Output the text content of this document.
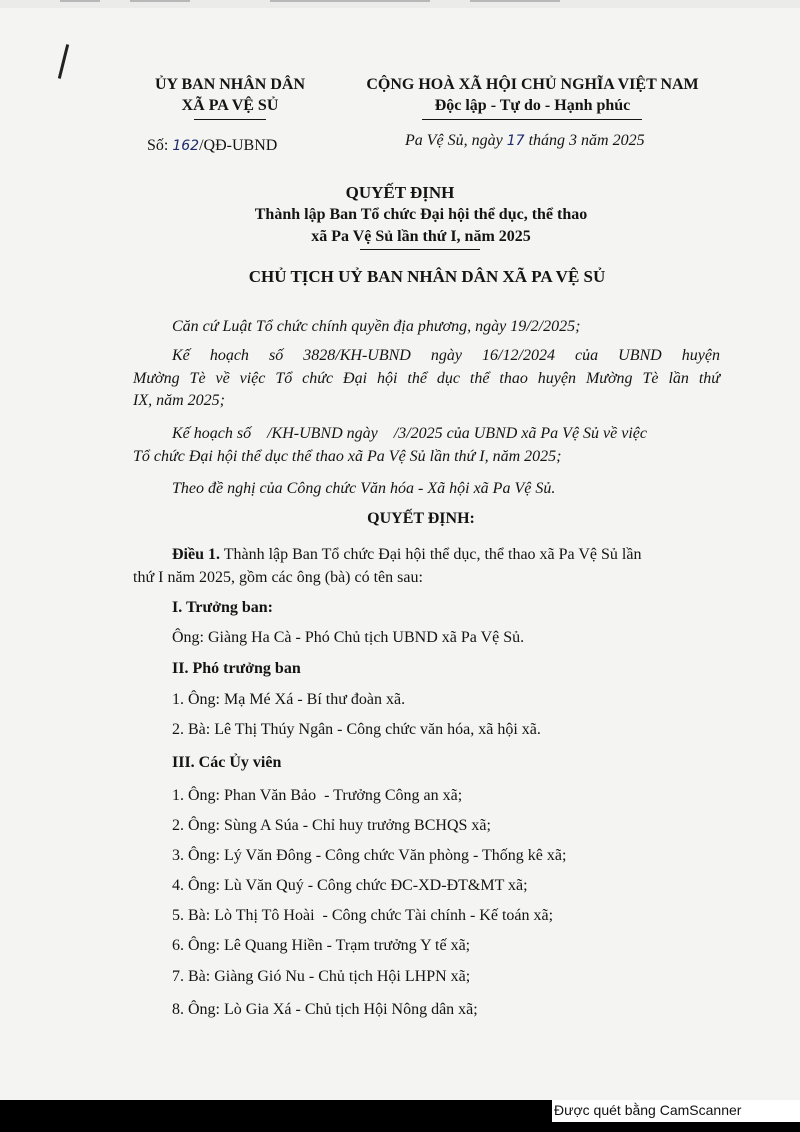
ỦY BAN NHÂN DÂN
XÃ PA VỆ SỦ
CỘNG HOÀ XÃ HỘI CHỦ NGHĨA VIỆT NAM
Độc lập - Tự do - Hạnh phúc
Số: 162/QĐ-UBND	Pa Vệ Sủ, ngày 17 tháng 3 năm 2025
QUYẾT ĐỊNH
Thành lập Ban Tổ chức Đại hội thể dục, thể thao
xã Pa Vệ Sủ lần thứ I, năm 2025
CHỦ TỊCH UỶ BAN NHÂN DÂN XÃ PA VỆ SỦ
Căn cứ Luật Tổ chức chính quyền địa phương, ngày 19/2/2025;
Kế hoạch số 3828/KH-UBND ngày 16/12/2024 của UBND huyện
Mường Tè về việc Tổ chức Đại hội thể dục thể thao huyện Mường Tè lần thứ
IX, năm 2025;
Kế hoạch số    /KH-UBND ngày    /3/2025 của UBND xã Pa Vệ Sủ về việc
Tổ chức Đại hội thể dục thể thao xã Pa Vệ Sủ lần thứ I, năm 2025;
Theo đề nghị của Công chức Văn hóa - Xã hội xã Pa Vệ Sủ.
QUYẾT ĐỊNH:
Điều 1. Thành lập Ban Tổ chức Đại hội thể dục, thể thao xã Pa Vệ Sủ lần
thứ I năm 2025, gồm các ông (bà) có tên sau:
I. Trưởng ban:
Ông: Giàng Ha Cà - Phó Chủ tịch UBND xã Pa Vệ Sủ.
II. Phó trưởng ban
1. Ông: Mạ Mé Xá - Bí thư đoàn xã.
2. Bà: Lê Thị Thúy Ngân - Công chức văn hóa, xã hội xã.
III. Các Ủy viên
1. Ông: Phan Văn Bảo  - Trưởng Công an xã;
2. Ông: Sùng A Súa - Chỉ huy trưởng BCHQS xã;
3. Ông: Lý Văn Đông - Công chức Văn phòng - Thống kê xã;
4. Ông: Lù Văn Quý - Công chức ĐC-XD-ĐT&MT xã;
5. Bà: Lò Thị Tô Hoài  - Công chức Tài chính - Kế toán xã;
6. Ông: Lê Quang Hiền - Trạm trưởng Y tế xã;
7. Bà: Giàng Gió Nu - Chủ tịch Hội LHPN xã;
8. Ông: Lò Gia Xá - Chủ tịch Hội Nông dân xã;
Được quét bằng CamScanner
